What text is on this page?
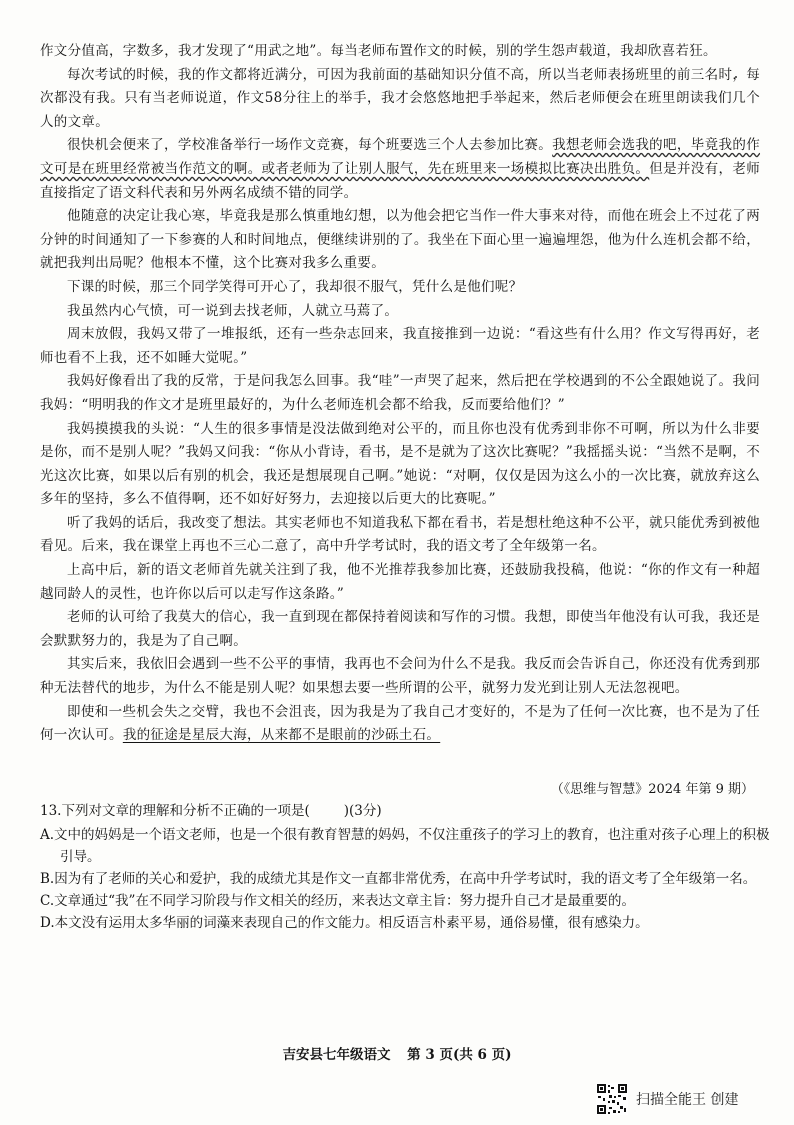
作文分值高，字数多，我才发现了“用武之地”。每当老师布置作文的时候，别的学生怨声载道，我却欣喜若狂。

每次考试的时候，我的作文都将近满分，可因为我前面的基础知识分值不高，所以当老师表扬班里的前三名时，每次都没有我。只有当老师说道，作文58分往上的举手，我才会悠悠地把手举起来，然后老师便会在班里朗读我们几个人的文章。

很快机会便来了，学校准备举行一场作文竞赛，每个班要选三个人去参加比赛。我想老师会选我的吧，毕竟我的作文可是在班里经常被当作范文的啊。或者老师为了让别人服气，先在班里来一场模拟比赛决出胜负。但是并没有，老师直接指定了语文科代表和另外两名成绩不错的同学。

他随意的决定让我心寒，毕竟我是那么慎重地幻想，以为他会把它当作一件大事来对待，而他在班会上不过花了两分钟的时间通知了一下参赛的人和时间地点，便继续讲别的了。我坐在下面心里一遍遍埋怨，他为什么连机会都不给，就把我判出局呢？他根本不懂，这个比赛对我多么重要。

下课的时候，那三个同学笑得可开心了，我却很不服气，凭什么是他们呢？

我虽然内心气愤，可一说到去找老师，人就立马蔫了。

周末放假，我妈又带了一堆报纸，还有一些杂志回来，我直接推到一边说：“看这些有什么用？作文写得再好，老师也看不上我，还不如睡大觉呢。”

我妈好像看出了我的反常，于是问我怎么回事。我“哇”一声哭了起来，然后把在学校遇到的不公全跟她说了。我问我妈：“明明我的作文才是班里最好的，为什么老师连机会都不给我，反而要给他们？”

我妈摸摸我的头说：“人生的很多事情是没法做到绝对公平的，而且你也没有优秀到非你不可啊，所以为什么非要是你，而不是别人呢？”我妈又问我：“你从小背诗，看书，是不是就为了这次比赛呢？”我摇摇头说：“当然不是啊，不光这次比赛，如果以后有别的机会，我还是想展现自己啊。”她说：“对啊，仅仅是因为这么小的一次比赛，就放弃这么多年的坚持，多么不值得啊，还不如好好努力，去迎接以后更大的比赛呢。”

听了我妈的话后，我改变了想法。其实老师也不知道我私下都在看书，若是想杜绝这种不公平，就只能优秀到被他看见。后来，我在课堂上再也不三心二意了，高中升学考试时，我的语文考了全年级第一名。

上高中后，新的语文老师首先就关注到了我，他不光推荐我参加比赛，还鼓励我投稿，他说：“你的作文有一种超越同龄人的灵性，也许你以后可以走写作这条路。”

老师的认可给了我莫大的信心，我一直到现在都保持着阅读和写作的习惯。我想，即使当年他没有认可我，我还是会默默努力的，我是为了自己啊。

其实后来，我依旧会遇到一些不公平的事情，我再也不会问为什么不是我。我反而会告诉自己，你还没有优秀到那种无法替代的地步，为什么不能是别人呢？如果想去要一些所谓的公平，就努力发光到让别人无法忽视吧。

即使和一些机会失之交臂，我也不会沮丧，因为我是为了我自己才变好的，不是为了任何一次比赛，也不是为了任何一次认可。我的征途是星辰大海，从来都不是眼前的沙砾土石。

（《思维与智慧》2024 年第 9 期）

13.下列对文章的理解和分析不正确的一项是(	)(3分)

A.文中的妈妈是一个语文老师，也是一个很有教育智慧的妈妈，不仅注重孩子的学习上的教育，也注重对孩子心理上的积极引导。

B.因为有了老师的关心和爱护，我的成绩尤其是作文一直都非常优秀，在高中升学考试时，我的语文考了全年级第一名。

C.文章通过“我”在不同学习阶段与作文相关的经历，来表达文章主旨：努力提升自己才是最重要的。

D.本文没有运用太多华丽的词藻来表现自己的作文能力。相反语言朴素平易，通俗易懂，很有感染力。

吉安县七年级语文 第 3 页(共 6 页)
扫描全能王 创建
